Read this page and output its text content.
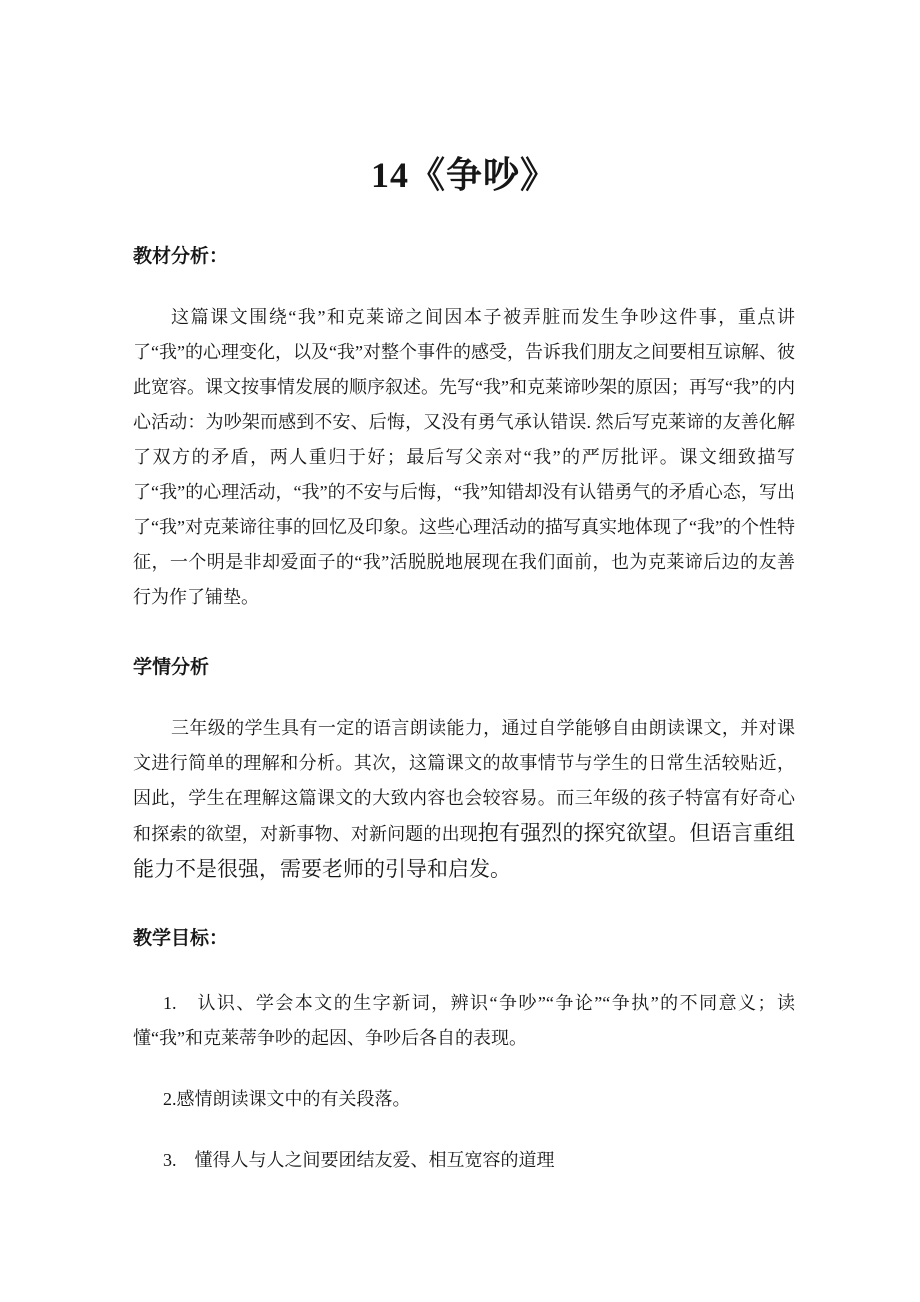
14《争吵》
教材分析：

这篇课文围绕“我”和克莱谛之间因本子被弄脏而发生争吵这件事，重点讲了“我”的心理变化，以及“我”对整个事件的感受，告诉我们朋友之间要相互谅解、彼此宽容。课文按事情发展的顺序叙述。先写“我”和克莱谛吵架的原因；再写“我”的内心活动：为吵架而感到不安、后悔，又没有勇气承认错误. 然后写克莱谛的友善化解了双方的矛盾，两人重归于好；最后写父亲对“我”的严厉批评。课文细致描写了“我”的心理活动，“我”的不安与后悔，“我”知错却没有认错勇气的矛盾心态，写出了“我”对克莱谛往事的回忆及印象。这些心理活动的描写真实地体现了“我”的个性特征，一个明是非却爱面子的“我”活脱脱地展现在我们面前，也为克莱谛后边的友善行为作了铺垫。

学情分析

三年级的学生具有一定的语言朗读能力，通过自学能够自由朗读课文，并对课文进行简单的理解和分析。其次，这篇课文的故事情节与学生的日常生活较贴近，因此，学生在理解这篇课文的大致内容也会较容易。而三年级的孩子特富有好奇心和探索的欲望，对新事物、对新问题的出现抱有强烈的探究欲望。但语言重组能力不是很强，需要老师的引导和启发。

教学目标：

1.　认识、学会本文的生字新词，辨识“争吵”“争论”“争执”的不同意义；读懂“我”和克莱蒂争吵的起因、争吵后各自的表现。

2.感情朗读课文中的有关段落。

3.　懂得人与人之间要团结友爱、相互宽容的道理
